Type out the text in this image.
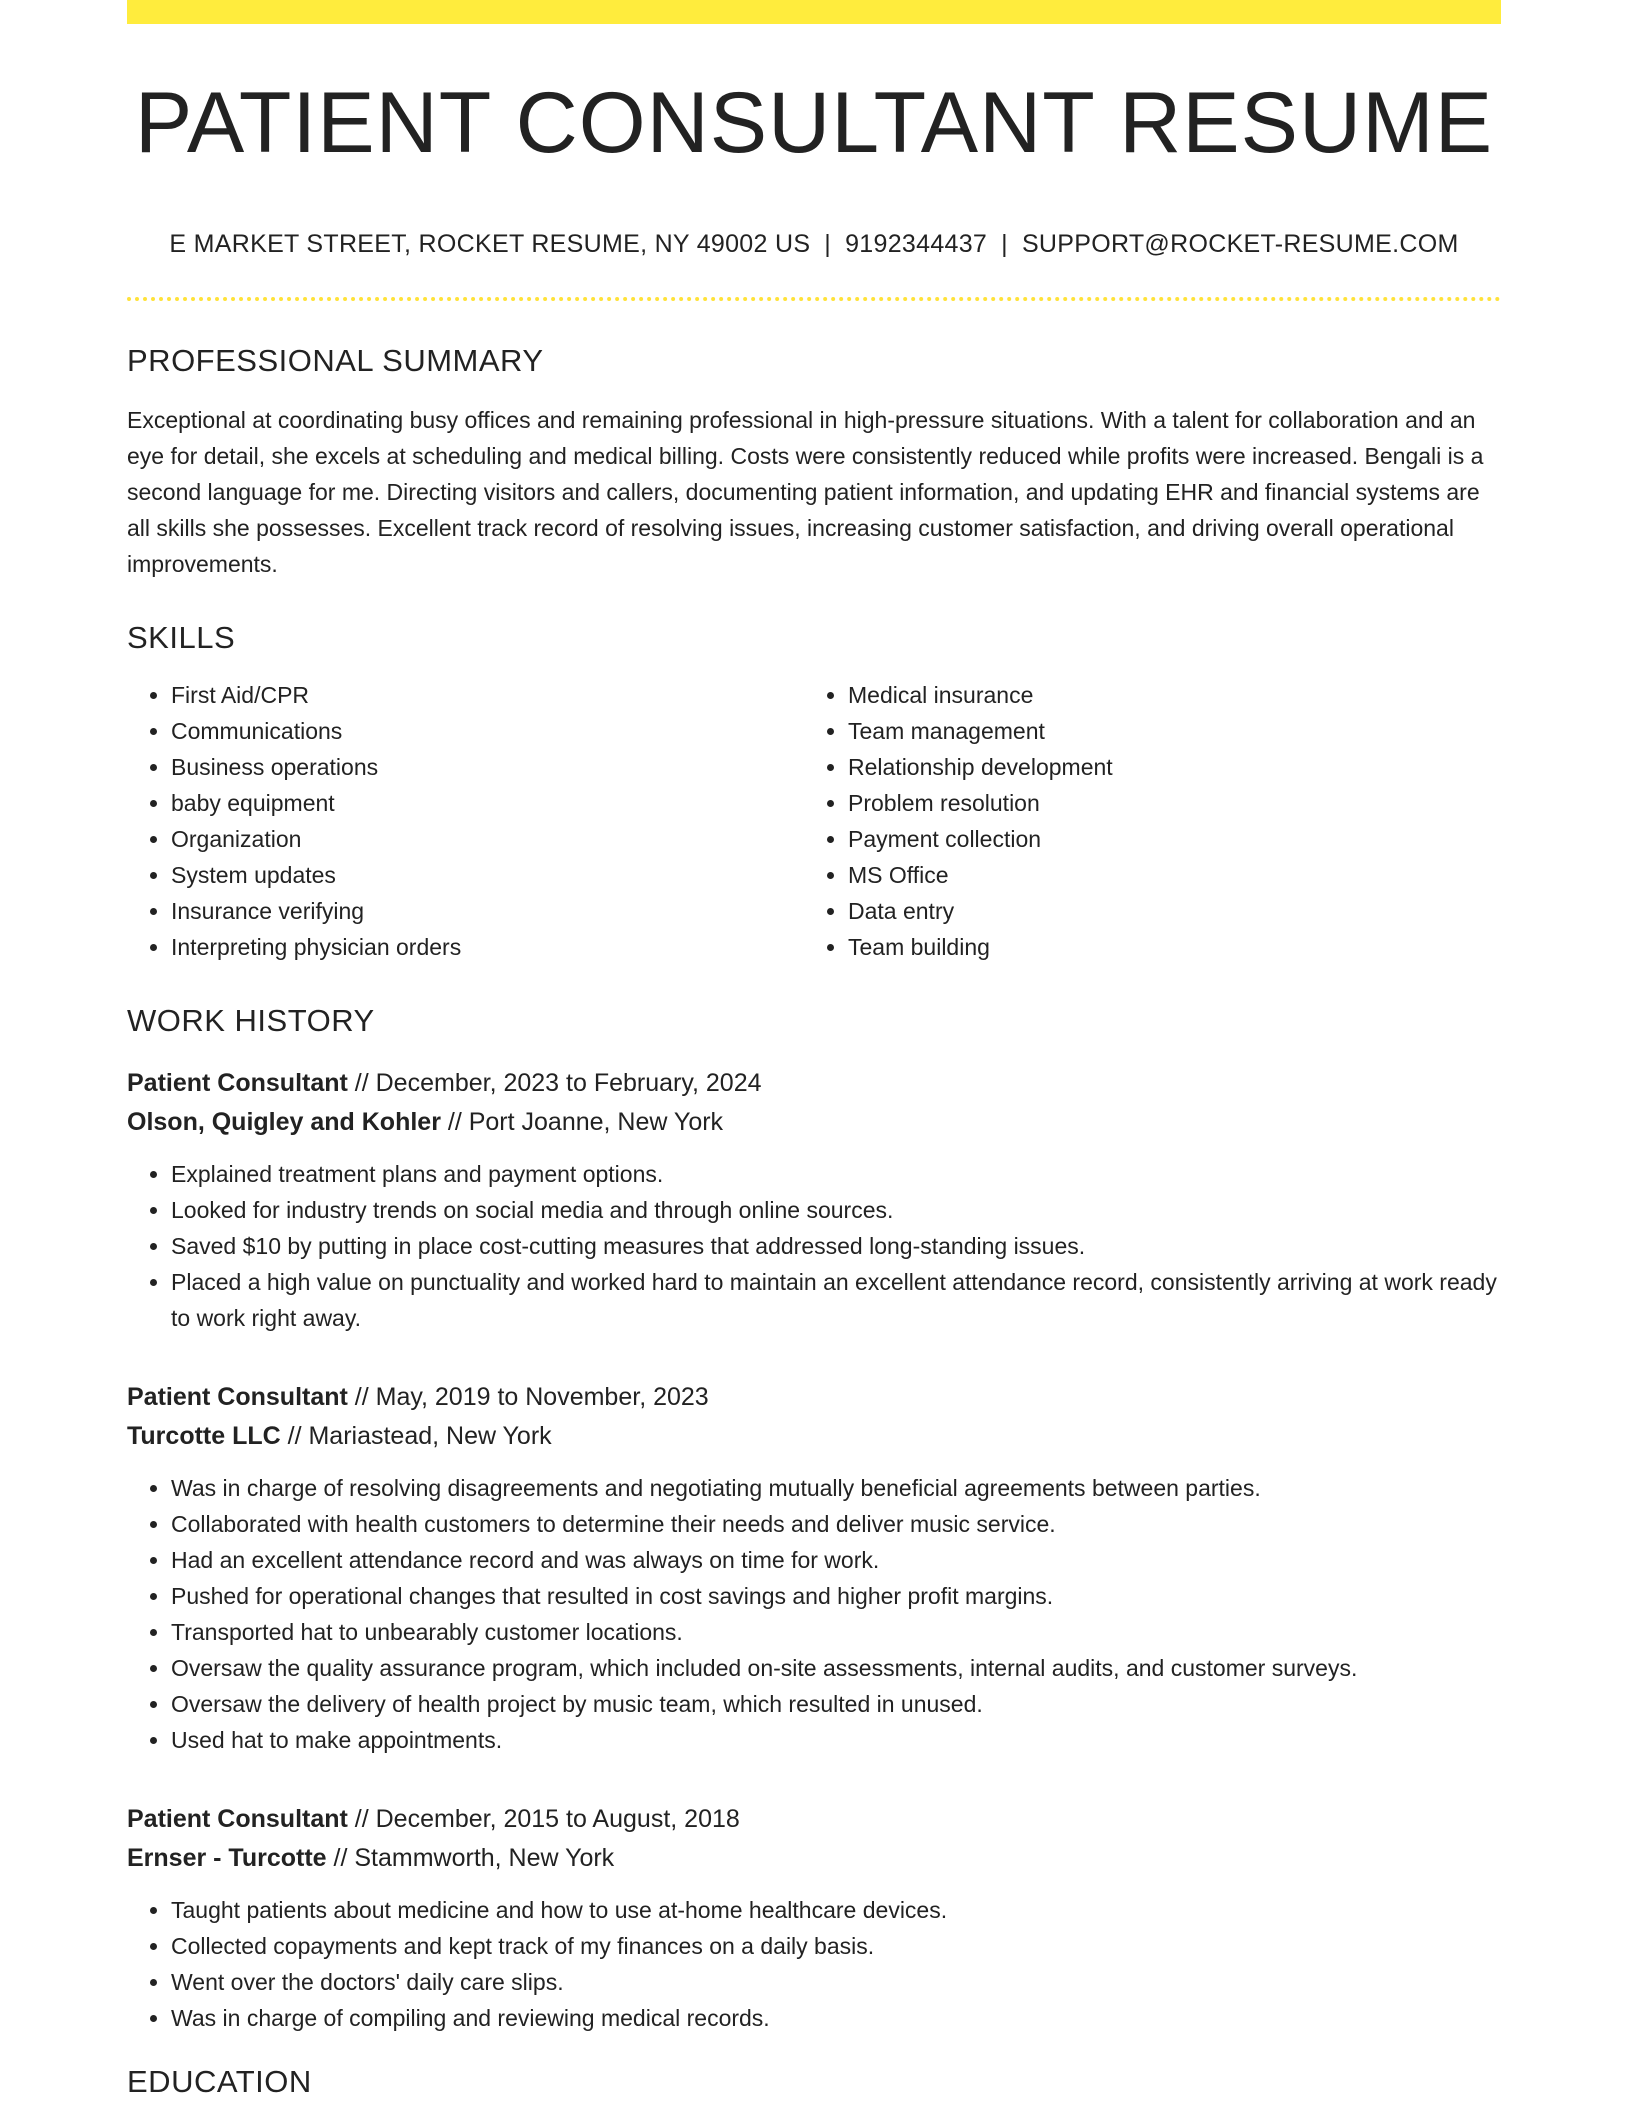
PATIENT CONSULTANT RESUME
E MARKET STREET, ROCKET RESUME, NY 49002 US | 9192344437 | SUPPORT@ROCKET-RESUME.COM
PROFESSIONAL SUMMARY

Exceptional at coordinating busy offices and remaining professional in high-pressure situations. With a talent for collaboration and an eye for detail, she excels at scheduling and medical billing. Costs were consistently reduced while profits were increased. Bengali is a second language for me. Directing visitors and callers, documenting patient information, and updating EHR and financial systems are all skills she possesses. Excellent track record of resolving issues, increasing customer satisfaction, and driving overall operational improvements.

SKILLS
• First Aid/CPR
• Communications
• Business operations
• baby equipment
• Organization
• System updates
• Insurance verifying
• Interpreting physician orders
• Medical insurance
• Team management
• Relationship development
• Problem resolution
• Payment collection
• MS Office
• Data entry
• Team building
WORK HISTORY
Patient Consultant // December, 2023 to February, 2024
Olson, Quigley and Kohler // Port Joanne, New York
• Explained treatment plans and payment options.
• Looked for industry trends on social media and through online sources.
• Saved $10 by putting in place cost-cutting measures that addressed long-standing issues.
• Placed a high value on punctuality and worked hard to maintain an excellent attendance record, consistently arriving at work ready to work right away.
Patient Consultant // May, 2019 to November, 2023
Turcotte LLC // Mariastead, New York
• Was in charge of resolving disagreements and negotiating mutually beneficial agreements between parties.
• Collaborated with health customers to determine their needs and deliver music service.
• Had an excellent attendance record and was always on time for work.
• Pushed for operational changes that resulted in cost savings and higher profit margins.
• Transported hat to unbearably customer locations.
• Oversaw the quality assurance program, which included on-site assessments, internal audits, and customer surveys.
• Oversaw the delivery of health project by music team, which resulted in unused.
• Used hat to make appointments.
Patient Consultant // December, 2015 to August, 2018
Ernser - Turcotte // Stammworth, New York
• Taught patients about medicine and how to use at-home healthcare devices.
• Collected copayments and kept track of my finances on a daily basis.
• Went over the doctors' daily care slips.
• Was in charge of compiling and reviewing medical records.
EDUCATION
